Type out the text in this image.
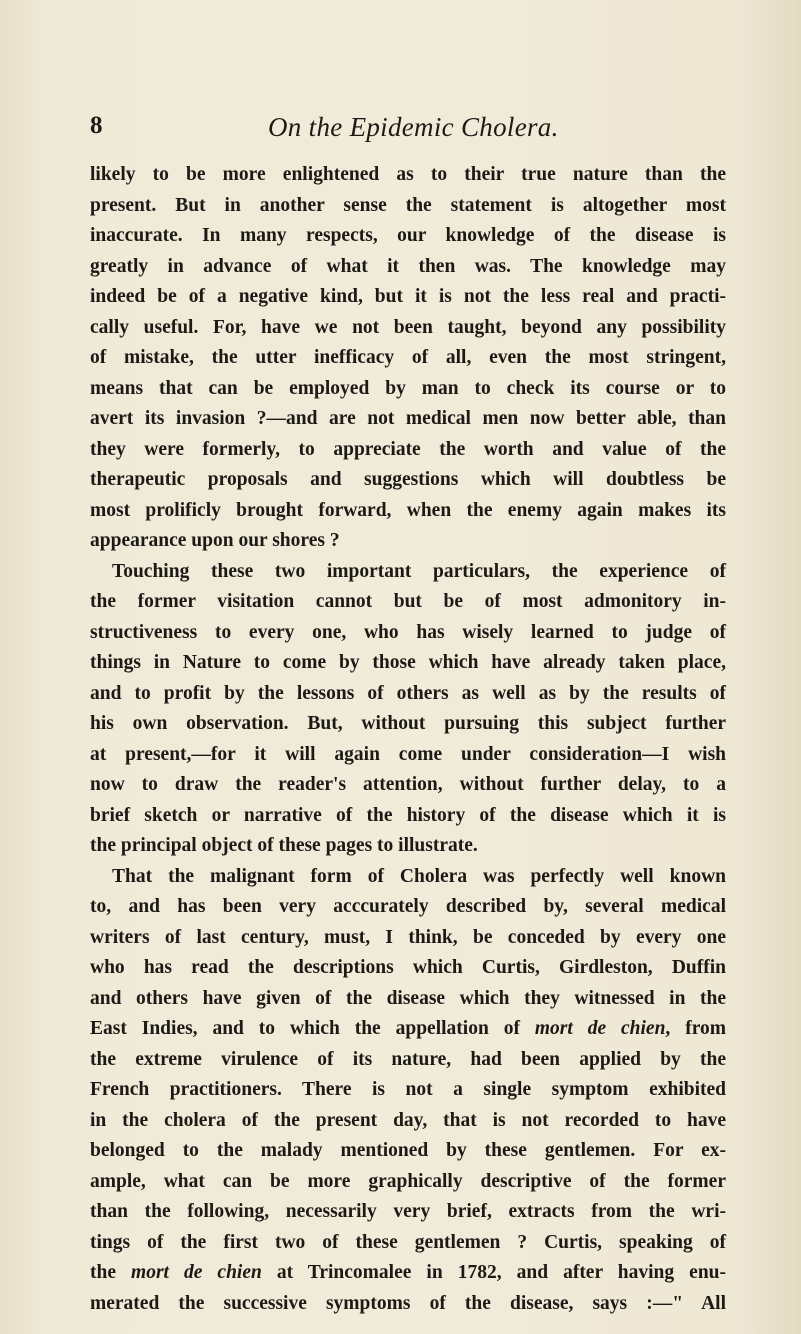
8	On the Epidemic Cholera.
likely to be more enlightened as to their true nature than the
present. But in another sense the statement is altogether most
inaccurate. In many respects, our knowledge of the disease is
greatly in advance of what it then was. The knowledge may
indeed be of a negative kind, but it is not the less real and practi-
cally useful. For, have we not been taught, beyond any possibility
of mistake, the utter inefficacy of all, even the most stringent,
means that can be employed by man to check its course or to
avert its invasion ?—and are not medical men now better able, than
they were formerly, to appreciate the worth and value of the
therapeutic proposals and suggestions which will doubtless be
most prolificly brought forward, when the enemy again makes its
appearance upon our shores ?
Touching these two important particulars, the experience of
the former visitation cannot but be of most admonitory in-
structiveness to every one, who has wisely learned to judge of
things in Nature to come by those which have already taken place,
and to profit by the lessons of others as well as by the results of
his own observation. But, without pursuing this subject further
at present,—for it will again come under consideration—I wish
now to draw the reader's attention, without further delay, to a
brief sketch or narrative of the history of the disease which it is
the principal object of these pages to illustrate.
That the malignant form of Cholera was perfectly well known
to, and has been very acccurately described by, several medical
writers of last century, must, I think, be conceded by every one
who has read the descriptions which Curtis, Girdleston, Duffin
and others have given of the disease which they witnessed in the
East Indies, and to which the appellation of mort de chien, from
the extreme virulence of its nature, had been applied by the
French practitioners. There is not a single symptom exhibited
in the cholera of the present day, that is not recorded to have
belonged to the malady mentioned by these gentlemen. For ex-
ample, what can be more graphically descriptive of the former
than the following, necessarily very brief, extracts from the wri-
tings of the first two of these gentlemen ? Curtis, speaking of
the mort de chien at Trincomalee in 1782, and after having enu-
merated the successive symptoms of the disease, says :—" All
